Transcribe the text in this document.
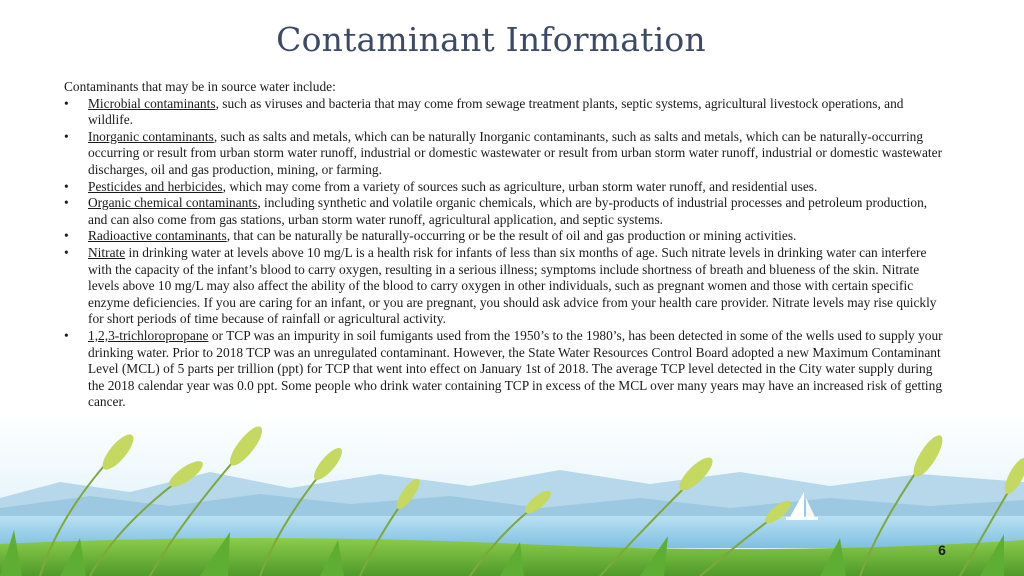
Contaminant Information

Contaminants that may be in source water include:

•	Microbial contaminants, such as viruses and bacteria that may come from sewage treatment plants, septic systems, agricultural livestock operations, and wildlife.
•	Inorganic contaminants, such as salts and metals, which can be naturally Inorganic contaminants, such as salts and metals, which can be naturally-occurring occurring or result from urban storm water runoff, industrial or domestic wastewater or result from urban storm water runoff, industrial or domestic wastewater discharges, oil and gas production, mining, or farming.
•	Pesticides and herbicides, which may come from a variety of sources such as agriculture, urban storm water runoff, and residential uses.
•	Organic chemical contaminants, including synthetic and volatile organic chemicals, which are by-products of industrial processes and petroleum production, and can also come from gas stations, urban storm water runoff, agricultural application, and septic systems.
•	Radioactive contaminants, that can be naturally be naturally-occurring or be the result of oil and gas production or mining activities.
•	Nitrate in drinking water at levels above 10 mg/L is a health risk for infants of less than six months of age. Such nitrate levels in drinking water can interfere with the capacity of the infant’s blood to carry oxygen, resulting in a serious illness; symptoms include shortness of breath and blueness of the skin. Nitrate levels above 10 mg/L may also affect the ability of the blood to carry oxygen in other individuals, such as pregnant women and those with certain specific enzyme deficiencies. If you are caring for an infant, or you are pregnant, you should ask advice from your health care provider. Nitrate levels may rise quickly for short periods of time because of rainfall or agricultural activity.
•	1,2,3-trichloropropane or TCP was an impurity in soil fumigants used from the 1950’s to the 1980’s, has been detected in some of the wells used to supply your drinking water. Prior to 2018 TCP was an unregulated contaminant. However, the State Water Resources Control Board adopted a new Maximum Contaminant Level (MCL) of 5 parts per trillion (ppt) for TCP that went into effect on January 1st of 2018. The average TCP level detected in the City water supply during the 2018 calendar year was 0.0 ppt. Some people who drink water containing TCP in excess of the MCL over many years may have an increased risk of getting cancer.
6
